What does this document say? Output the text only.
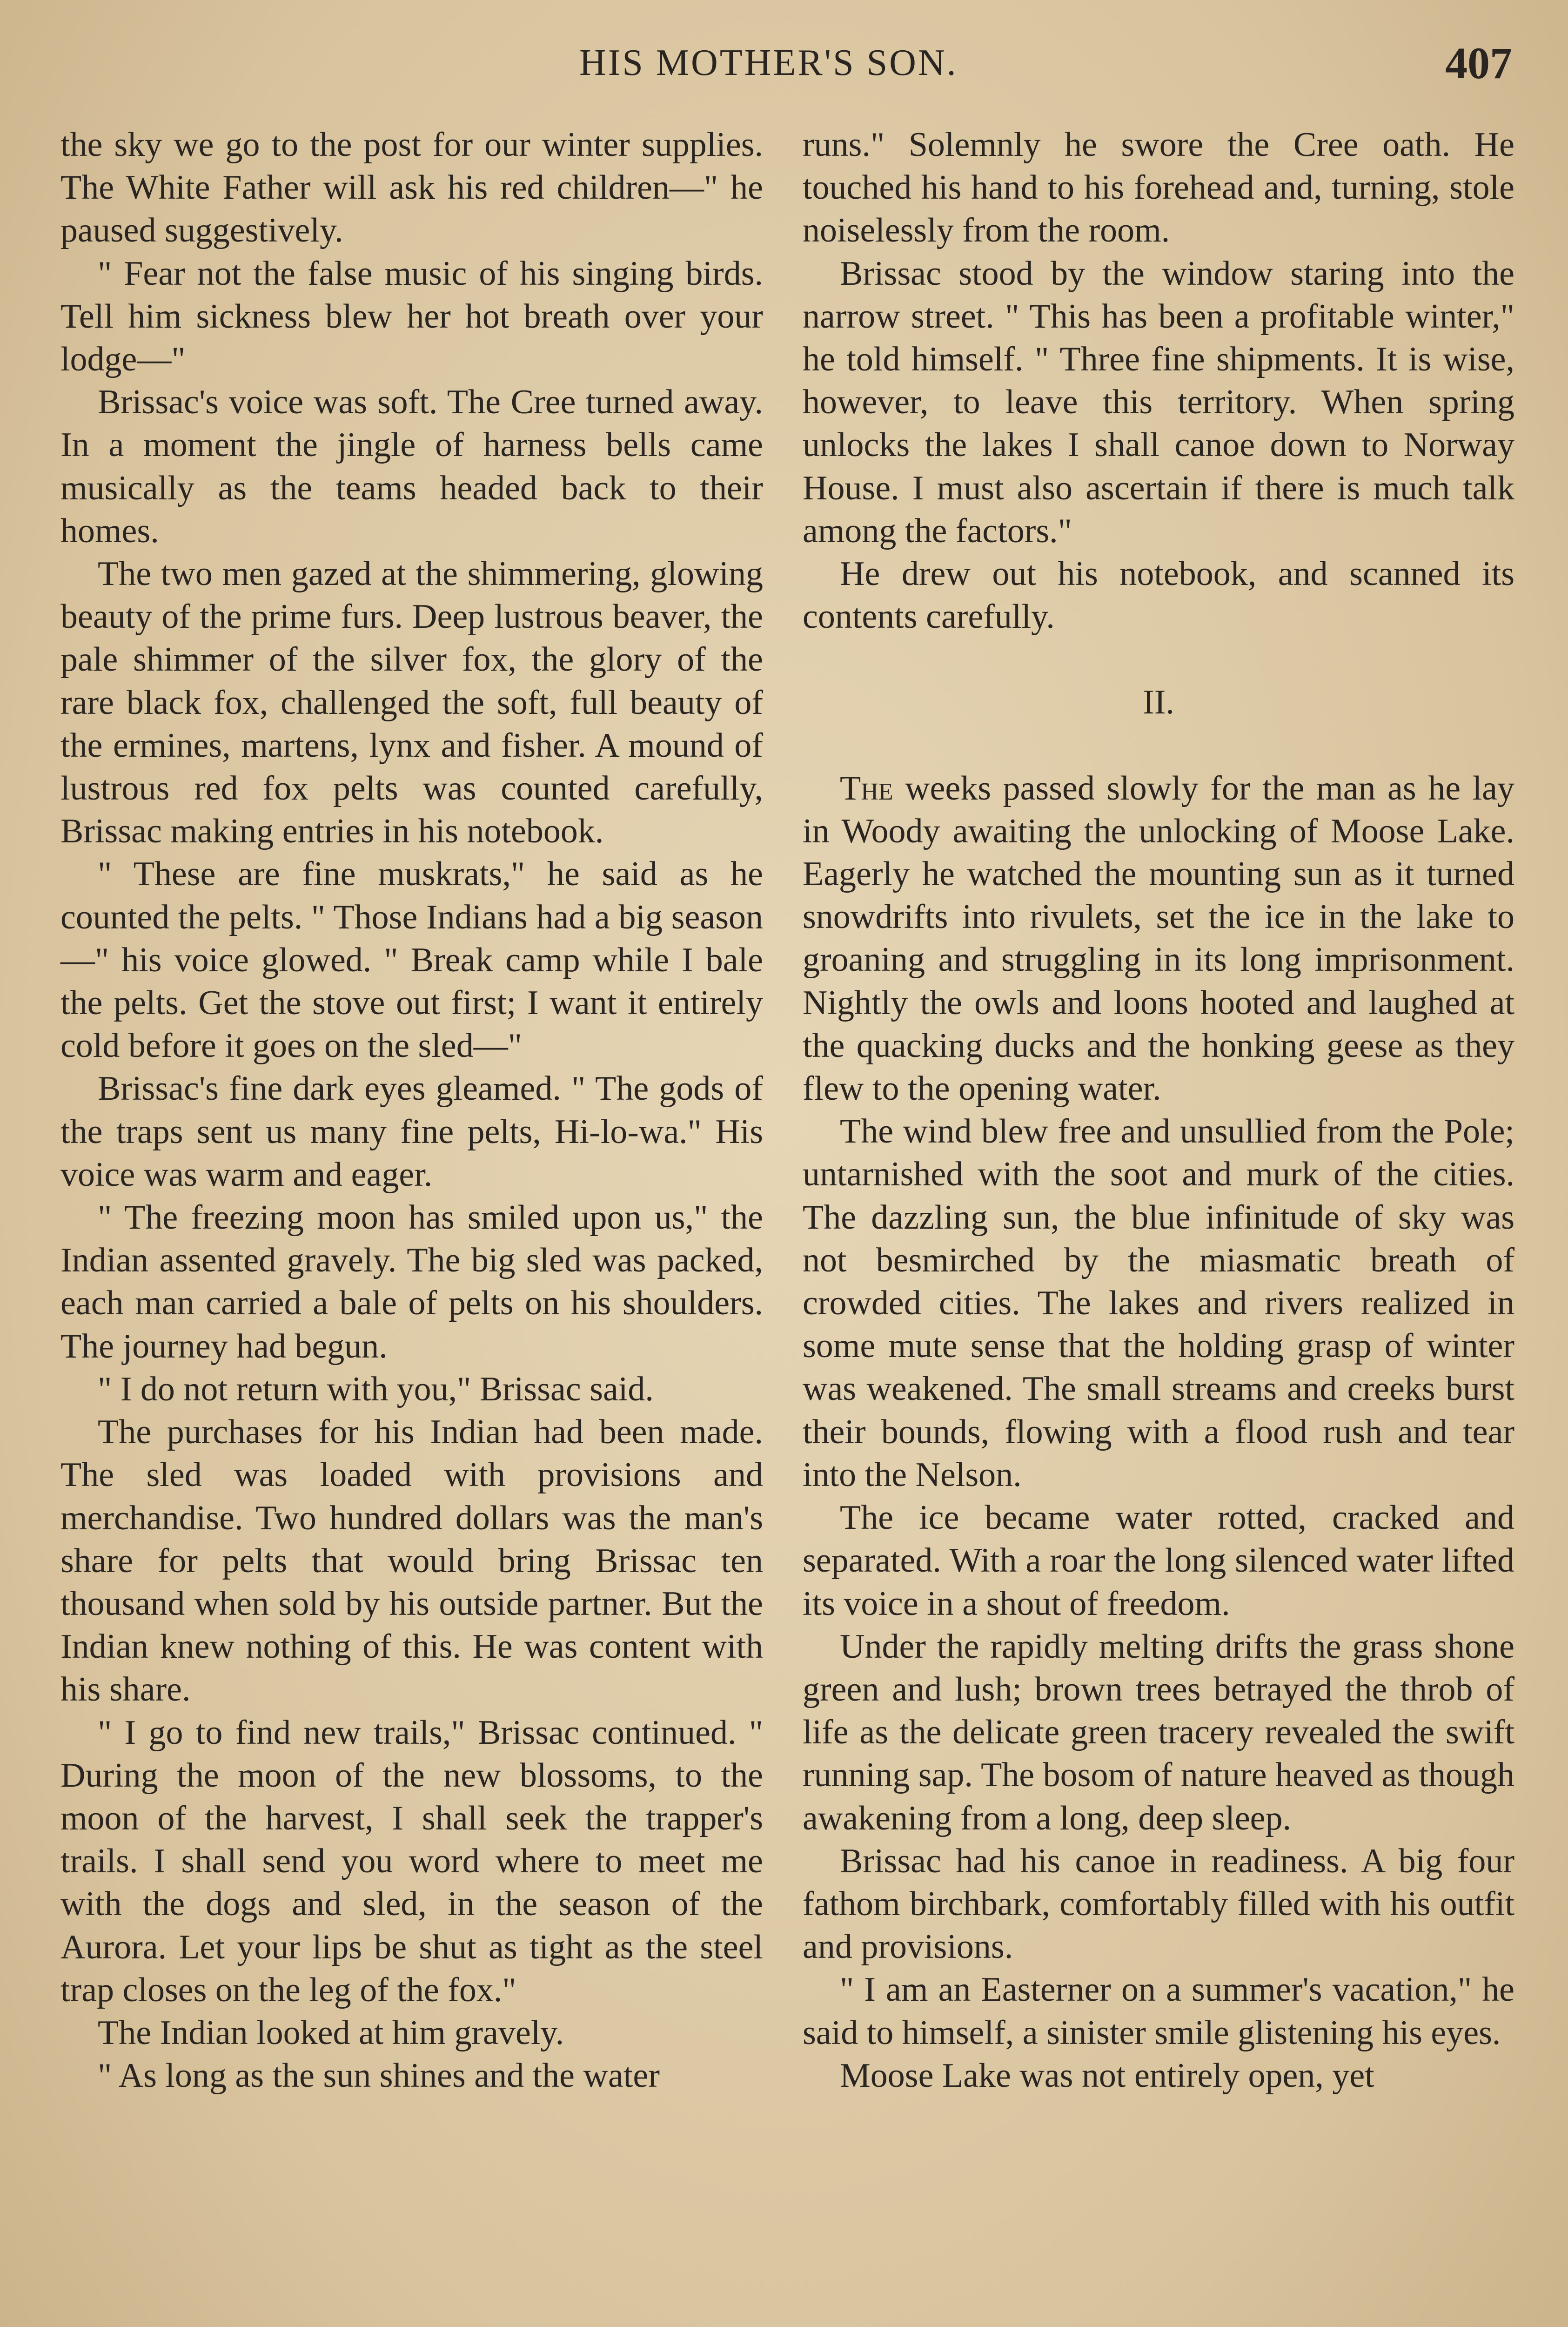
HIS MOTHER'S SON.	407

the sky we go to the post for our winter supplies. The White Father will ask his red children—" he paused suggestively.

" Fear not the false music of his singing birds. Tell him sickness blew her hot breath over your lodge—"

Brissac's voice was soft. The Cree turned away. In a moment the jingle of harness bells came musically as the teams headed back to their homes.

The two men gazed at the shimmering, glowing beauty of the prime furs. Deep lustrous beaver, the pale shimmer of the silver fox, the glory of the rare black fox, challenged the soft, full beauty of the ermines, martens, lynx and fisher. A mound of lustrous red fox pelts was counted carefully, Brissac making entries in his notebook.

" These are fine muskrats," he said as he counted the pelts. " Those Indians had a big season—" his voice glowed. " Break camp while I bale the pelts. Get the stove out first; I want it entirely cold before it goes on the sled—"

Brissac's fine dark eyes gleamed. " The gods of the traps sent us many fine pelts, Hi-lo-wa." His voice was warm and eager.

" The freezing moon has smiled upon us," the Indian assented gravely. The big sled was packed, each man carried a bale of pelts on his shoulders. The journey had begun.

" I do not return with you," Brissac said.

The purchases for his Indian had been made. The sled was loaded with provisions and merchandise. Two hundred dollars was the man's share for pelts that would bring Brissac ten thousand when sold by his outside partner. But the Indian knew nothing of this. He was content with his share.

" I go to find new trails," Brissac continued. " During the moon of the new blossoms, to the moon of the harvest, I shall seek the trapper's trails. I shall send you word where to meet me with the dogs and sled, in the season of the Aurora. Let your lips be shut as tight as the steel trap closes on the leg of the fox."

The Indian looked at him gravely.

" As long as the sun shines and the water

runs." Solemnly he swore the Cree oath. He touched his hand to his forehead and, turning, stole noiselessly from the room.

Brissac stood by the window staring into the narrow street. " This has been a profitable winter," he told himself. " Three fine shipments. It is wise, however, to leave this territory. When spring unlocks the lakes I shall canoe down to Norway House. I must also ascertain if there is much talk among the factors."

He drew out his notebook, and scanned its contents carefully.

II.

The weeks passed slowly for the man as he lay in Woody awaiting the unlocking of Moose Lake. Eagerly he watched the mounting sun as it turned snowdrifts into rivulets, set the ice in the lake to groaning and struggling in its long imprisonment. Nightly the owls and loons hooted and laughed at the quacking ducks and the honking geese as they flew to the opening water.

The wind blew free and unsullied from the Pole; untarnished with the soot and murk of the cities. The dazzling sun, the blue infinitude of sky was not besmirched by the miasmatic breath of crowded cities. The lakes and rivers realized in some mute sense that the holding grasp of winter was weakened. The small streams and creeks burst their bounds, flowing with a flood rush and tear into the Nelson.

The ice became water rotted, cracked and separated. With a roar the long silenced water lifted its voice in a shout of freedom.

Under the rapidly melting drifts the grass shone green and lush; brown trees betrayed the throb of life as the delicate green tracery revealed the swift running sap. The bosom of nature heaved as though awakening from a long, deep sleep.

Brissac had his canoe in readiness. A big four fathom birchbark, comfortably filled with his outfit and provisions.

" I am an Easterner on a summer's vacation," he said to himself, a sinister smile glistening his eyes.

Moose Lake was not entirely open, yet
